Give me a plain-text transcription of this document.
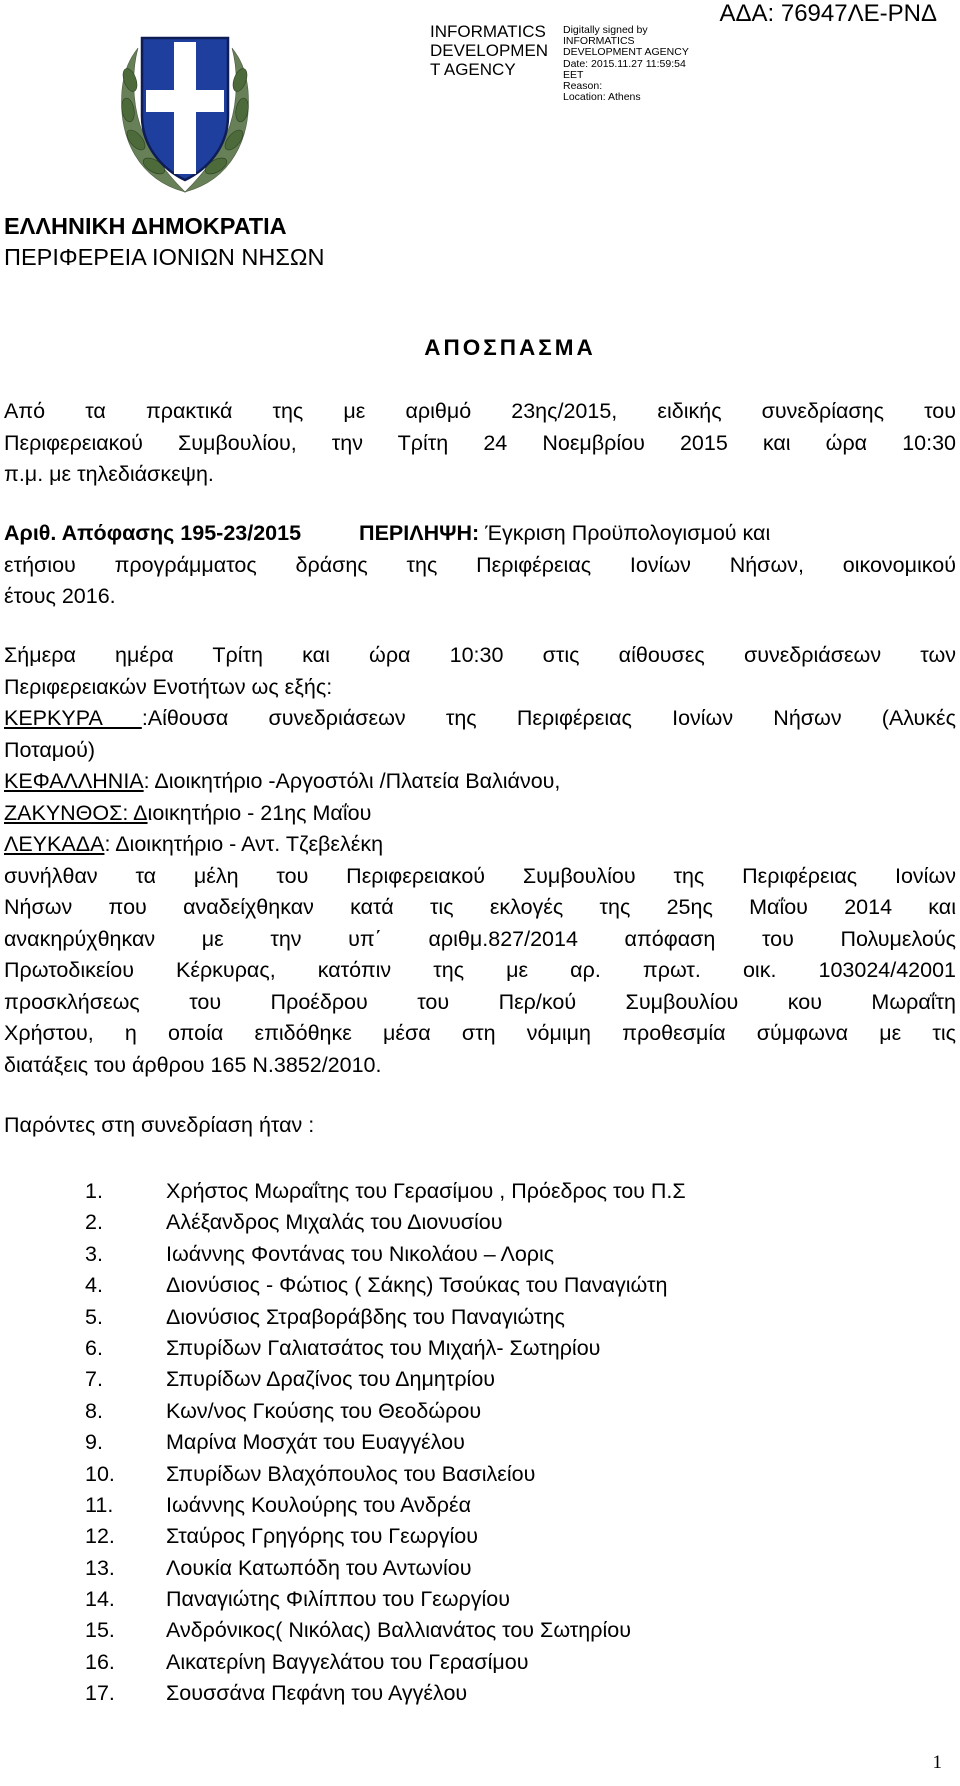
INFORMATICS DEVELOPMEN T AGENCY
Digitally signed by
INFORMATICS
DEVELOPMENT AGENCY
Date: 2015.11.27 11:59:54
EET
Reason:
Location: Athens
ΑΔΑ: 76947ΛΕ-ΡΝΔ
ΕΛΛΗΝΙΚΗ ΔΗΜΟΚΡΑΤΙΑ
ΠΕΡΙΦΕΡΕΙΑ ΙΟΝΙΩΝ ΝΗΣΩΝ
ΑΠΟΣΠΑΣΜΑ
Από τα πρακτικά της με αριθμό 23ης/2015, ειδικής συνεδρίασης του
Περιφερειακού Συμβουλίου, την Τρίτη 24 Νοεμβρίου 2015 και ώρα 10:30
π.μ. με τηλεδιάσκεψη.
Αριθ. Απόφασης 195-23/2015	ΠΕΡΙΛΗΨΗ: Έγκριση Προϋπολογισμού και
ετήσιου προγράμματος δράσης της Περιφέρειας Ιονίων Νήσων, οικονομικού
έτους 2016.
Σήμερα ημέρα Τρίτη και ώρα 10:30 στις αίθουσες συνεδριάσεων των
Περιφερειακών Ενοτήτων ως εξής:
ΚΕΡΚΥΡΑ :Αίθουσα συνεδριάσεων της Περιφέρειας Ιονίων Νήσων (Αλυκές
Ποταμού)
ΚΕΦΑΛΛΗΝΙΑ: Διοικητήριο -Αργοστόλι /Πλατεία Βαλιάνου,
ΖΑΚΥΝΘΟΣ: Διοικητήριο - 21ης Μαΐου
ΛΕΥΚΑΔΑ: Διοικητήριο - Αντ. Τζεβελέκη
συνήλθαν τα μέλη του Περιφερειακού Συμβουλίου της Περιφέρειας Ιονίων
Νήσων που αναδείχθηκαν κατά τις εκλογές της 25ης Μαΐου 2014 και
ανακηρύχθηκαν με την υπ΄ αριθμ.827/2014 απόφαση του Πολυμελούς
Πρωτοδικείου Κέρκυρας, κατόπιν της με αρ. πρωτ. οικ. 103024/42001
προσκλήσεως του Προέδρου του Περ/κού Συμβουλίου κου Μωραΐτη
Χρήστου, η οποία επιδόθηκε μέσα στη νόμιμη προθεσμία σύμφωνα με τις
διατάξεις του άρθρου 165 Ν.3852/2010.
Παρόντες στη συνεδρίαση ήταν :
1.	Χρήστος Μωραΐτης του Γερασίμου , Πρόεδρος του Π.Σ
2.	Αλέξανδρος Μιχαλάς του Διονυσίου
3.	Ιωάννης Φοντάνας του Νικολάου – Λορις
4.	Διονύσιος - Φώτιος ( Σάκης) Τσούκας του Παναγιώτη
5.	Διονύσιος Στραβοράβδης του Παναγιώτης
6.	Σπυρίδων Γαλιατσάτος του Μιχαήλ- Σωτηρίου
7.	Σπυρίδων Δραζίνος του Δημητρίου
8.	Κων/νος Γκούσης του Θεοδώρου
9.	Μαρίνα Μοσχάτ του Ευαγγέλου
10.	Σπυρίδων Βλαχόπουλος του Βασιλείου
11.	Ιωάννης Κουλούρης του Ανδρέα
12.	Σταύρος Γρηγόρης του Γεωργίου
13.	Λουκία Κατωπόδη του Αντωνίου
14.	Παναγιώτης Φιλίππου του Γεωργίου
15.	Ανδρόνικος( Νικόλας) Βαλλιανάτος του Σωτηρίου
16.	Αικατερίνη Βαγγελάτου του Γερασίμου
17.	Σουσσάνα Πεφάνη του Αγγέλου
1
